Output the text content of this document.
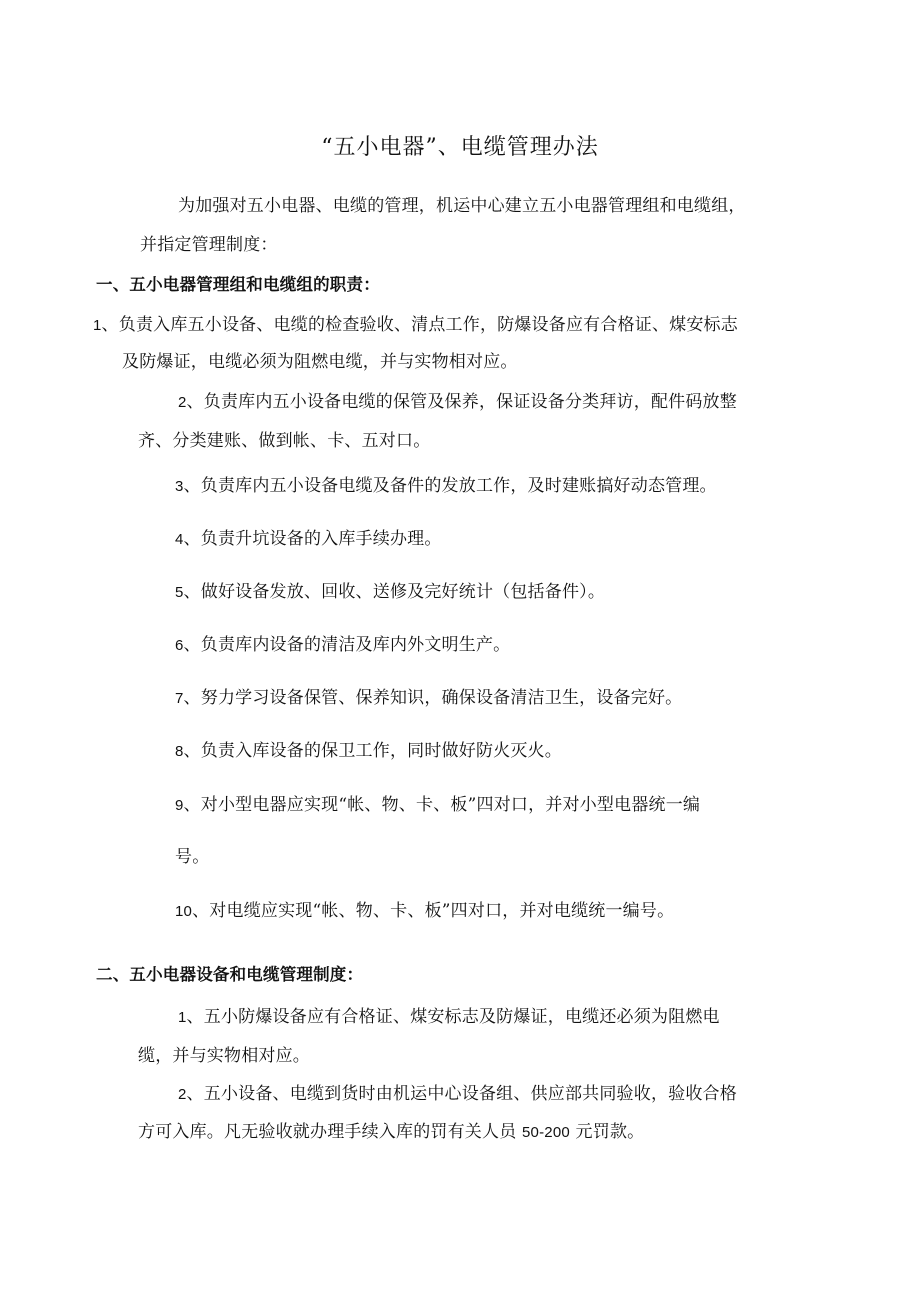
“五小电器”、电缆管理办法
为加强对五小电器、电缆的管理，机运中心建立五小电器管理组和电缆组，
并指定管理制度：
一、五小电器管理组和电缆组的职责：
1、负责入库五小设备、电缆的检查验收、清点工作，防爆设备应有合格证、煤安标志
及防爆证，电缆必须为阻燃电缆，并与实物相对应。
2、负责库内五小设备电缆的保管及保养，保证设备分类拜访，配件码放整
齐、分类建账、做到帐、卡、五对口。
3、负责库内五小设备电缆及备件的发放工作，及时建账搞好动态管理。
4、负责升坑设备的入库手续办理。
5、做好设备发放、回收、送修及完好统计（包括备件）。
6、负责库内设备的清洁及库内外文明生产。
7、努力学习设备保管、保养知识，确保设备清洁卫生，设备完好。
8、负责入库设备的保卫工作，同时做好防火灭火。
9、对小型电器应实现“帐、物、卡、板”四对口，并对小型电器统一编
号。
10、对电缆应实现“帐、物、卡、板”四对口，并对电缆统一编号。
二、五小电器设备和电缆管理制度：
1、五小防爆设备应有合格证、煤安标志及防爆证，电缆还必须为阻燃电
缆，并与实物相对应。
2、五小设备、电缆到货时由机运中心设备组、供应部共同验收，验收合格
方可入库。凡无验收就办理手续入库的罚有关人员 50-200 元罚款。
